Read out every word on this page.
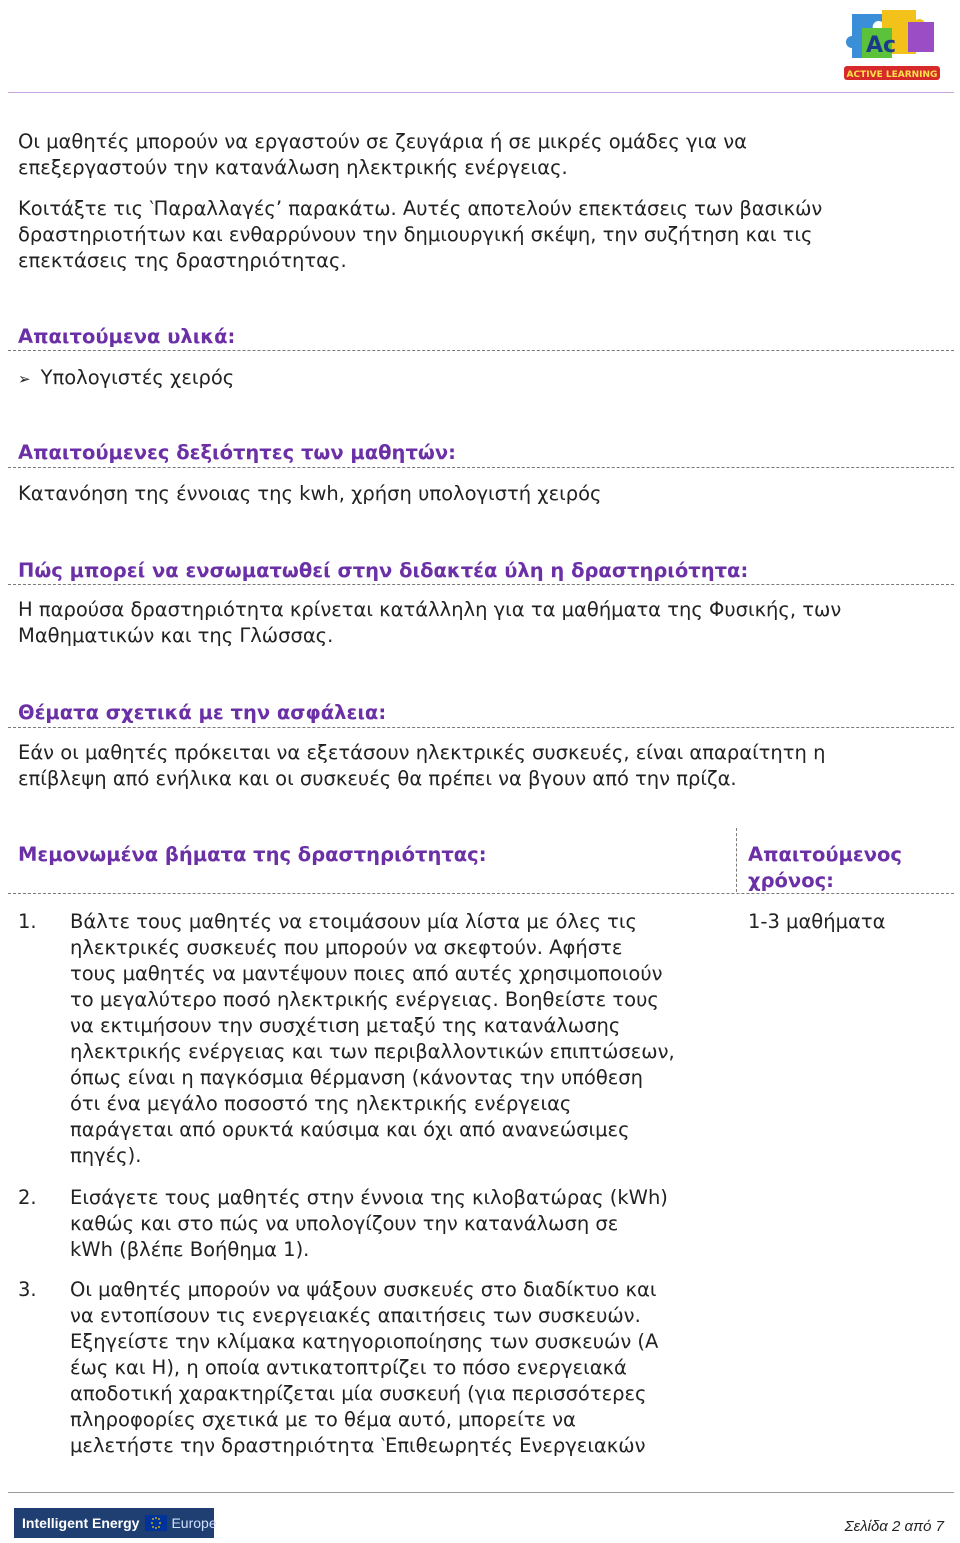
Ac
ACTIVE LEARNING
Οι μαθητές μπορούν να εργαστούν σε ζευγάρια ή σε μικρές ομάδες για να
επεξεργαστούν την κατανάλωση ηλεκτρικής ενέργειας.
Κοιτάξτε τις ‵Παραλλαγές’ παρακάτω. Αυτές αποτελούν επεκτάσεις των βασικών
δραστηριοτήτων και ενθαρρύνουν την δημιουργική σκέψη, την συζήτηση και τις
επεκτάσεις της δραστηριότητας.
Απαιτούμενα υλικά:
➢ Υπολογιστές χειρός
Απαιτούμενες δεξιότητες των μαθητών:
Κατανόηση της έννοιας της kwh, χρήση υπολογιστή χειρός
Πώς μπορεί να ενσωματωθεί στην διδακτέα ύλη η δραστηριότητα:
Η παρούσα δραστηριότητα κρίνεται κατάλληλη για τα μαθήματα της Φυσικής, των
Μαθηματικών και της Γλώσσας.
Θέματα σχετικά με την ασφάλεια:
Εάν οι μαθητές πρόκειται να εξετάσουν ηλεκτρικές συσκευές, είναι απαραίτητη η
επίβλεψη από ενήλικα και οι συσκευές θα πρέπει να βγουν από την πρίζα.
Μεμονωμένα βήματα της δραστηριότητας:	Απαιτούμενος
χρόνος:
1-3 μαθήματα
1. Βάλτε τους μαθητές να ετοιμάσουν μία λίστα με όλες τις
ηλεκτρικές συσκευές που μπορούν να σκεφτούν. Αφήστε
τους μαθητές να μαντέψουν ποιες από αυτές χρησιμοποιούν
το μεγαλύτερο ποσό ηλεκτρικής ενέργειας. Βοηθείστε τους
να εκτιμήσουν την συσχέτιση μεταξύ της κατανάλωσης
ηλεκτρικής ενέργειας και των περιβαλλοντικών επιπτώσεων,
όπως είναι η παγκόσμια θέρμανση (κάνοντας την υπόθεση
ότι ένα μεγάλο ποσοστό της ηλεκτρικής ενέργειας
παράγεται από ορυκτά καύσιμα και όχι από ανανεώσιμες
πηγές).
2. Εισάγετε τους μαθητές στην έννοια της κιλοβατώρας (kWh)
καθώς και στο πώς να υπολογίζουν την κατανάλωση σε
kWh (βλέπε Βοήθημα 1).
3. Οι μαθητές μπορούν να ψάξουν συσκευές στο διαδίκτυο και
να εντοπίσουν τις ενεργειακές απαιτήσεις των συσκευών.
Εξηγείστε την κλίμακα κατηγοριοποίησης των συσκευών (Α
έως και Η), η οποία αντικατοπτρίζει το πόσο ενεργειακά
αποδοτική χαρακτηρίζεται μία συσκευή (για περισσότερες
πληροφορίες σχετικά με το θέμα αυτό, μπορείτε να
μελετήστε την δραστηριότητα ‵Επιθεωρητές Ενεργειακών
Intelligent Energy Europe	Σελίδα 2 από 7
